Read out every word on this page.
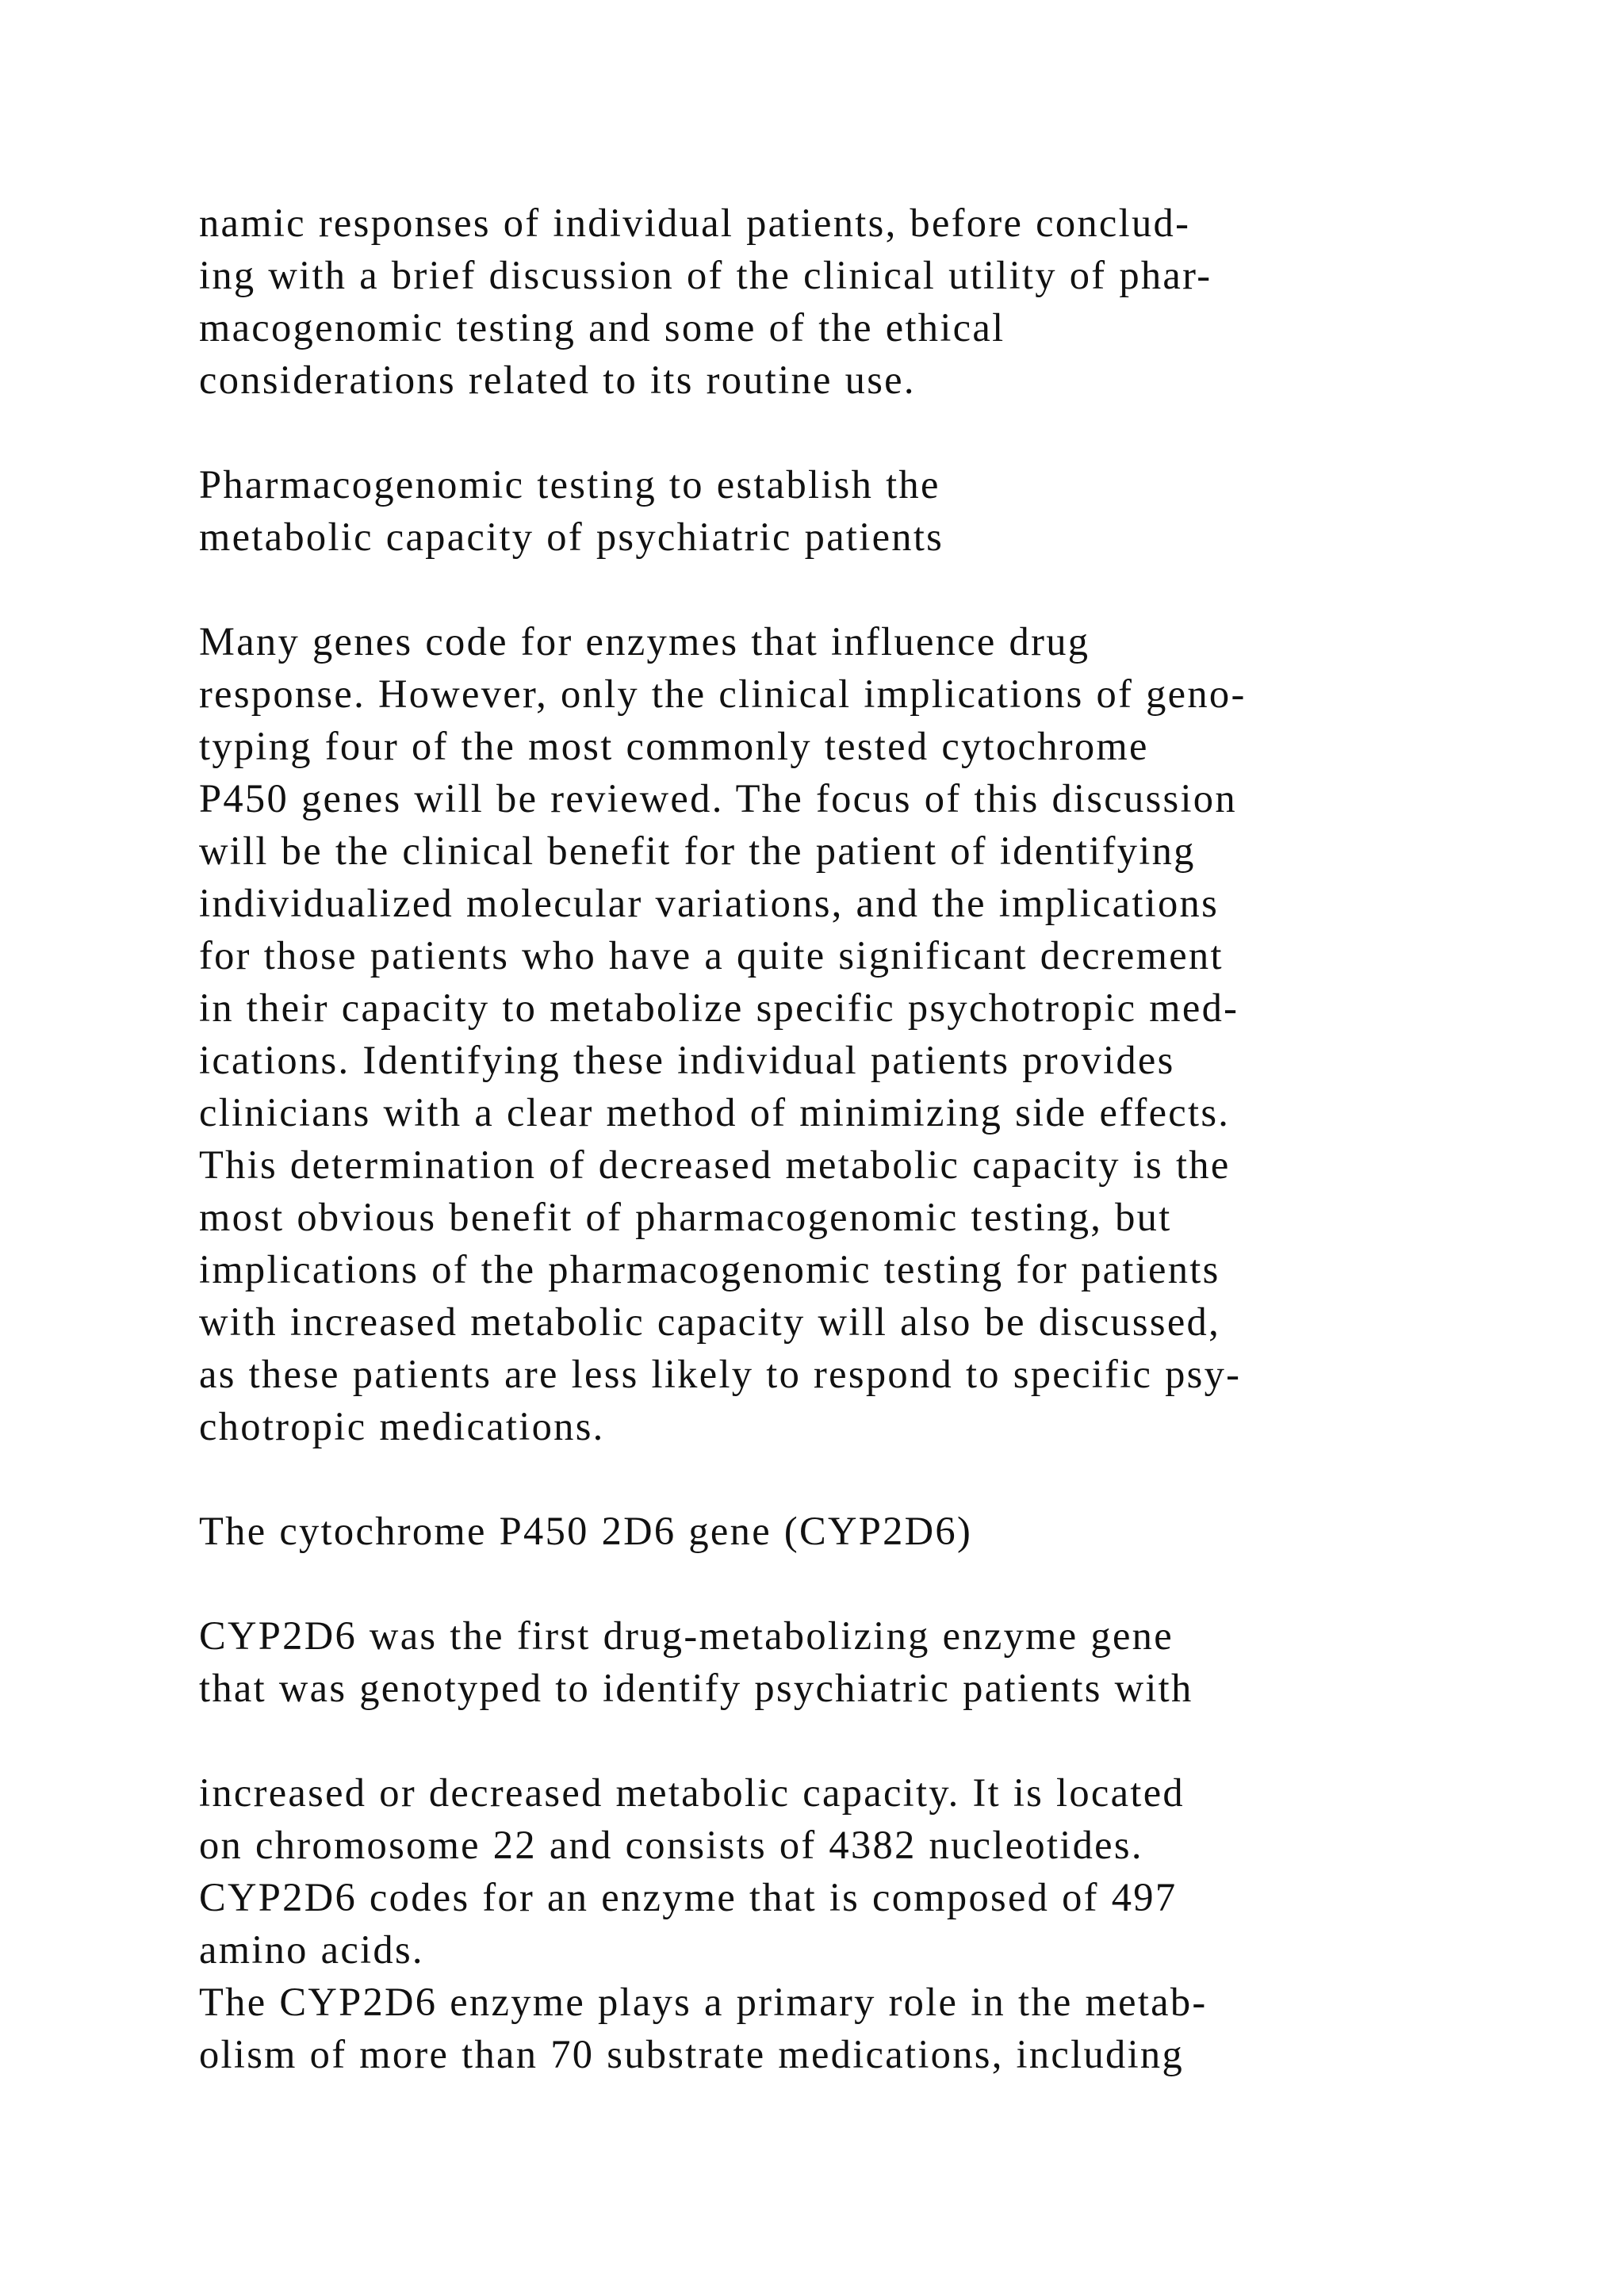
namic responses of individual patients, before conclud-
ing with a brief discussion of the clinical utility of phar-
macogenomic testing and some of the ethical
considerations related to its routine use.
Pharmacogenomic testing to establish the
metabolic capacity of psychiatric patients
Many genes code for enzymes that influence drug
response. However, only the clinical implications of geno-
typing four of the most commonly tested cytochrome
P450 genes will be reviewed. The focus of this discussion
will be the clinical benefit for the patient of identifying
individualized molecular variations, and the implications
for those patients who have a quite significant decrement
in their capacity to metabolize specific psychotropic med-
ications. Identifying these individual patients provides
clinicians with a clear method of minimizing side effects.
This determination of decreased metabolic capacity is the
most obvious benefit of pharmacogenomic testing, but
implications of the pharmacogenomic testing for patients
with increased metabolic capacity will also be discussed,
as these patients are less likely to respond to specific psy-
chotropic medications.
The cytochrome P450 2D6 gene (CYP2D6)
CYP2D6 was the first drug-metabolizing enzyme gene
that was genotyped to identify psychiatric patients with
increased or decreased metabolic capacity. It is located
on chromosome 22 and consists of 4382 nucleotides.
CYP2D6 codes for an enzyme that is composed of 497
amino acids.
The CYP2D6 enzyme plays a primary role in the metab-
olism of more than 70 substrate medications, including
